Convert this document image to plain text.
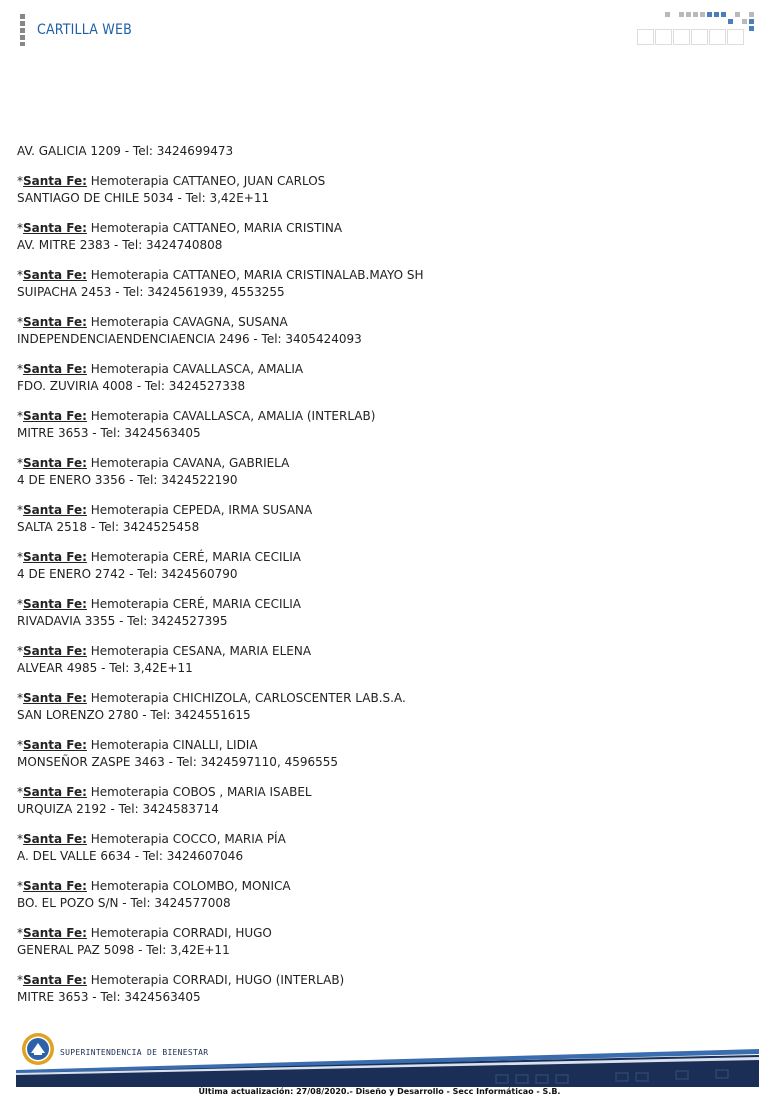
CARTILLA WEB

AV. GALICIA 1209 - Tel: 3424699473

*Santa Fe: Hemoterapia CATTANEO, JUAN CARLOS

SANTIAGO DE CHILE 5034 - Tel: 3,42E+11

*Santa Fe: Hemoterapia CATTANEO, MARIA CRISTINA

AV. MITRE 2383 - Tel: 3424740808

*Santa Fe: Hemoterapia CATTANEO, MARIA CRISTINALAB.MAYO SH

SUIPACHA 2453 - Tel: 3424561939, 4553255

*Santa Fe: Hemoterapia CAVAGNA, SUSANA

INDEPENDENCIAENDENCIAENCIA 2496 - Tel: 3405424093

*Santa Fe: Hemoterapia CAVALLASCA, AMALIA

FDO. ZUVIRIA 4008 - Tel: 3424527338

*Santa Fe: Hemoterapia CAVALLASCA, AMALIA (INTERLAB)

MITRE 3653 - Tel: 3424563405

*Santa Fe: Hemoterapia CAVANA, GABRIELA

4 DE ENERO 3356 - Tel: 3424522190

*Santa Fe: Hemoterapia CEPEDA, IRMA SUSANA

SALTA 2518 - Tel: 3424525458

*Santa Fe: Hemoterapia CERÉ, MARIA CECILIA

4 DE ENERO 2742 - Tel: 3424560790

*Santa Fe: Hemoterapia CERÉ, MARIA CECILIA

RIVADAVIA 3355 - Tel: 3424527395

*Santa Fe: Hemoterapia CESANA, MARIA ELENA

ALVEAR 4985 - Tel: 3,42E+11

*Santa Fe: Hemoterapia CHICHIZOLA, CARLOSCENTER LAB.S.A.

SAN LORENZO 2780 - Tel: 3424551615

*Santa Fe: Hemoterapia CINALLI, LIDIA

MONSEÑOR ZASPE 3463 - Tel: 3424597110, 4596555

*Santa Fe: Hemoterapia COBOS , MARIA ISABEL

URQUIZA 2192 - Tel: 3424583714

*Santa Fe: Hemoterapia COCCO, MARIA PÍA

A. DEL VALLE 6634 - Tel: 3424607046

*Santa Fe: Hemoterapia COLOMBO, MONICA

BO. EL POZO S/N - Tel: 3424577008

*Santa Fe: Hemoterapia CORRADI, HUGO

GENERAL PAZ 5098 - Tel: 3,42E+11

*Santa Fe: Hemoterapia CORRADI, HUGO (INTERLAB)

MITRE 3653 - Tel: 3424563405

SUPERINTENDENCIA DE BIENESTAR
Última actualización: 27/08/2020.- Diseño y Desarrollo - Secc Informáticao - S.B.
